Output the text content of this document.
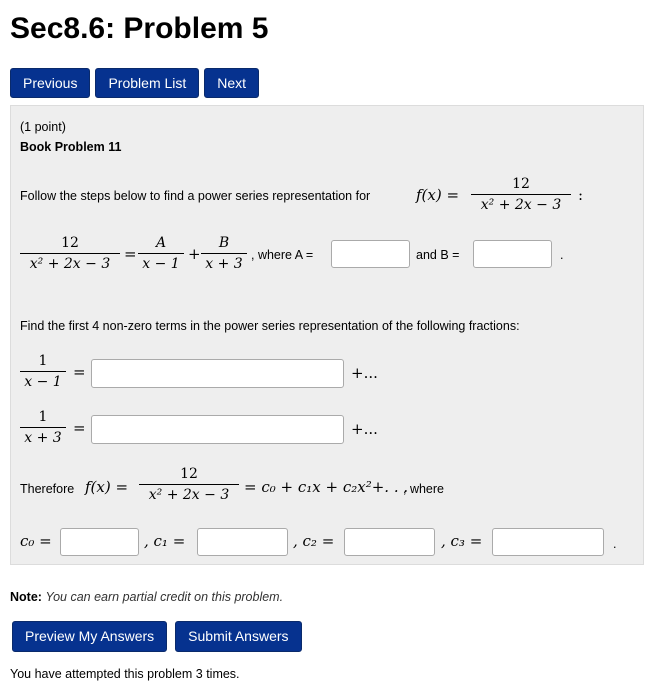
Sec8.6: Problem 5
Previous	Problem List	Next
(1 point)
Book Problem 11
Follow the steps below to find a power series representation for	f(x) =
12
x² + 2x − 3
:
12
x² + 2x − 3
=
A
x − 1
+
B
x + 3
, where A =	and B =	.
Find the first 4 non-zero terms in the power series representation of the following fractions:
1
x − 1
=	+...
1
x + 3
=	+...
Therefore f(x) =
12
x² + 2x − 3 = c₀ + c₁x + c₂x²+. . .
, where
c₀ =	, c₁ =	, c₂ =	, c₃ =	.
Note: You can earn partial credit on this problem.
Preview My Answers	Submit Answers
You have attempted this problem 3 times.
